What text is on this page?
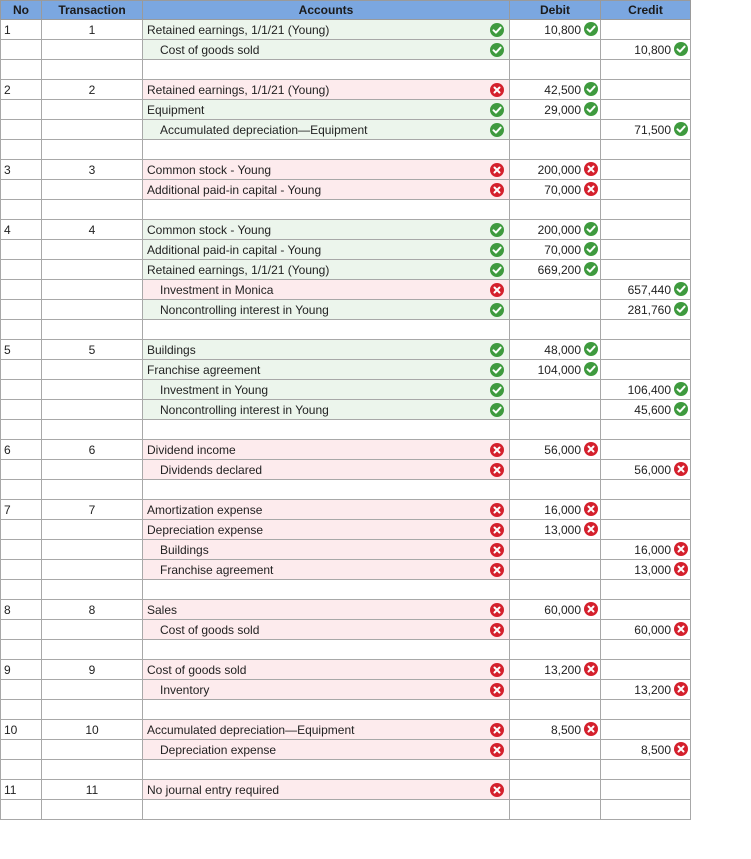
No	Transaction	Accounts	Debit	Credit
1	1	Retained earnings, 1/1/21 (Young)	10,800

		Cost of goods sold		10,800

2	2	Retained earnings, 1/1/21 (Young)	42,500

		Equipment	29,000

		Accumulated depreciation—Equipment		71,500

3	3	Common stock - Young	200,000

		Additional paid-in capital - Young	70,000

4	4	Common stock - Young	200,000

		Additional paid-in capital - Young	70,000

		Retained earnings, 1/1/21 (Young)	669,200

		Investment in Monica		657,440

		Noncontrolling interest in Young		281,760

5	5	Buildings	48,000

		Franchise agreement	104,000

		Investment in Young		106,400

		Noncontrolling interest in Young		45,600

6	6	Dividend income	56,000

		Dividends declared		56,000

7	7	Amortization expense	16,000

		Depreciation expense	13,000

		Buildings		16,000

		Franchise agreement		13,000

8	8	Sales	60,000

		Cost of goods sold		60,000

9	9	Cost of goods sold	13,200

		Inventory		13,200

10	10	Accumulated depreciation—Equipment	8,500

		Depreciation expense		8,500

11	11	No journal entry required
